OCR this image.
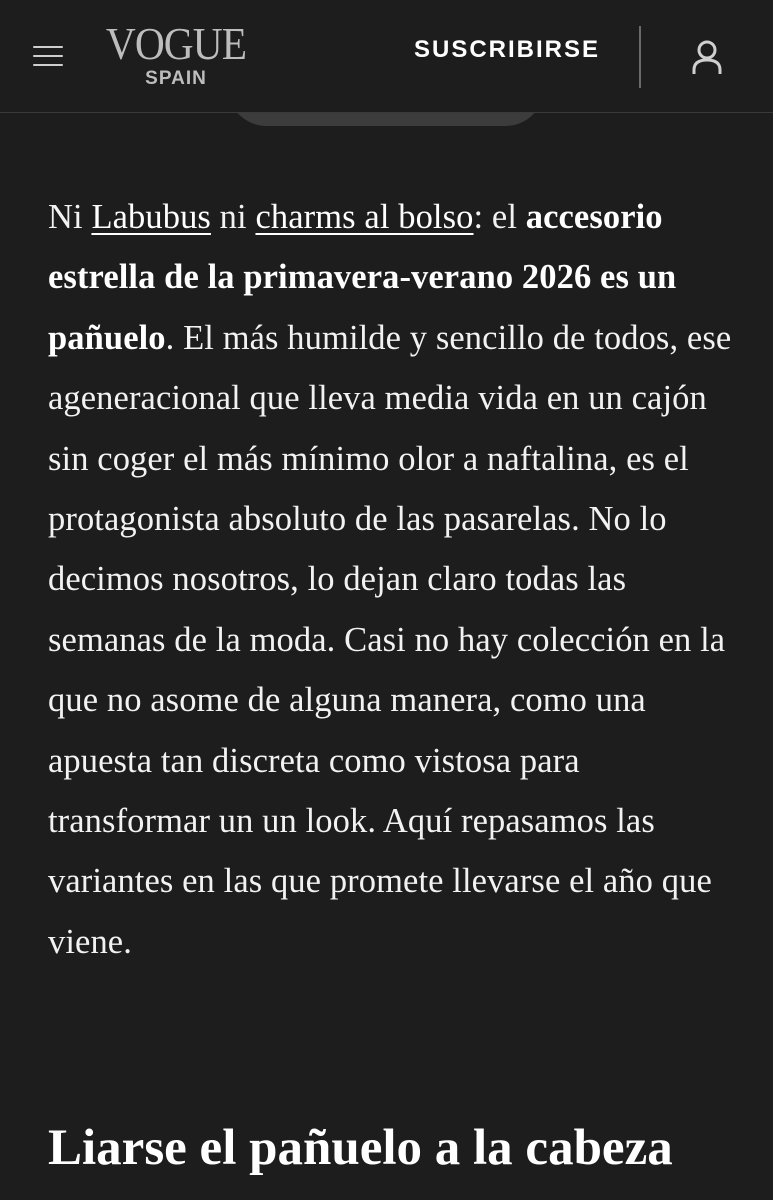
VOGUE
SPAIN
SUSCRIBIRSE

Ni Labubus ni charms al bolso: el accesorio estrella de la primavera-verano 2026 es un pañuelo. El más humilde y sencillo de todos, ese ageneracional que lleva media vida en un cajón sin coger el más mínimo olor a naftalina, es el protagonista absoluto de las pasarelas. No lo decimos nosotros, lo dejan claro todas las semanas de la moda. Casi no hay colección en la que no asome de alguna manera, como una apuesta tan discreta como vistosa para transformar un un look. Aquí repasamos las variantes en las que promete llevarse el año que viene.

Liarse el pañuelo a la cabeza
